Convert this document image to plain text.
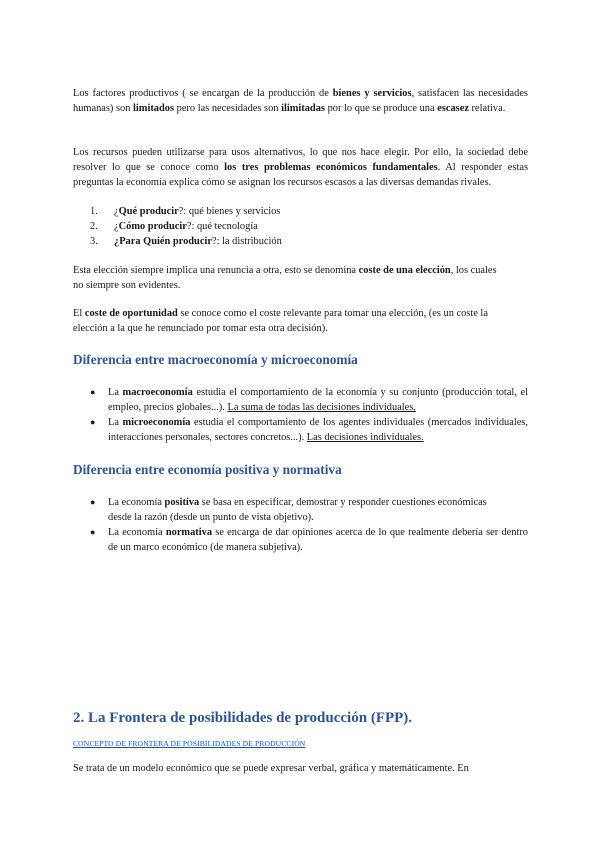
Los factores productivos ( se encargan de la producción de bienes y servicios, satisfacen las necesidades humanas) son limitados pero las necesidades son ilimitadas por lo que se produce una escasez relativa.

Los recursos pueden utilizarse para usos alternativos, lo que nos hace elegir. Por ello, la sociedad debe resolver lo que se conoce como los tres problemas económicos fundamentales. Al responder estas preguntas la economía explica cómo se asignan los recursos escasos a las diversas demandas rivales.

1.	¿Qué producir?: qué bienes y servicios
2.	¿Cómo producir?: qué tecnología
3.	¿Para Quién producir?: la distribución

Esta elección siempre implica una renuncia a otra, esto se denomina coste de una elección, los cuales no siempre son evidentes.

El coste de oportunidad se conoce como el coste relevante para tomar una elección, (es un coste la elección a la que he renunciado por tomar esta otra decisión).

Diferencia entre macroeconomía y microeconomía
● La macroeconomía estudia el comportamiento de la economía y su conjunto (producción total, el empleo, precios globales...). La suma de todas las decisiones individuales.
● La microeconomía estudia el comportamiento de los agentes individuales (mercados individuales, interacciones personales, sectores concretos...). Las decisiones individuales.
Diferencia entre economía positiva y normativa
● La economía positiva se basa en especificar, demostrar y responder cuestiones económicas desde la razón (desde un punto de vista objetivo).
● La economía normativa se encarga de dar opiniones acerca de lo que realmente debería ser dentro de un marco económico (de manera subjetiva).
2. La Frontera de posibilidades de producción (FPP).
CONCEPTO DE FRONTERA DE POSIBILIDADES DE PRODUCCIÓN

Se trata de un modelo económico que se puede expresar verbal, gráfica y matemáticamente. En
